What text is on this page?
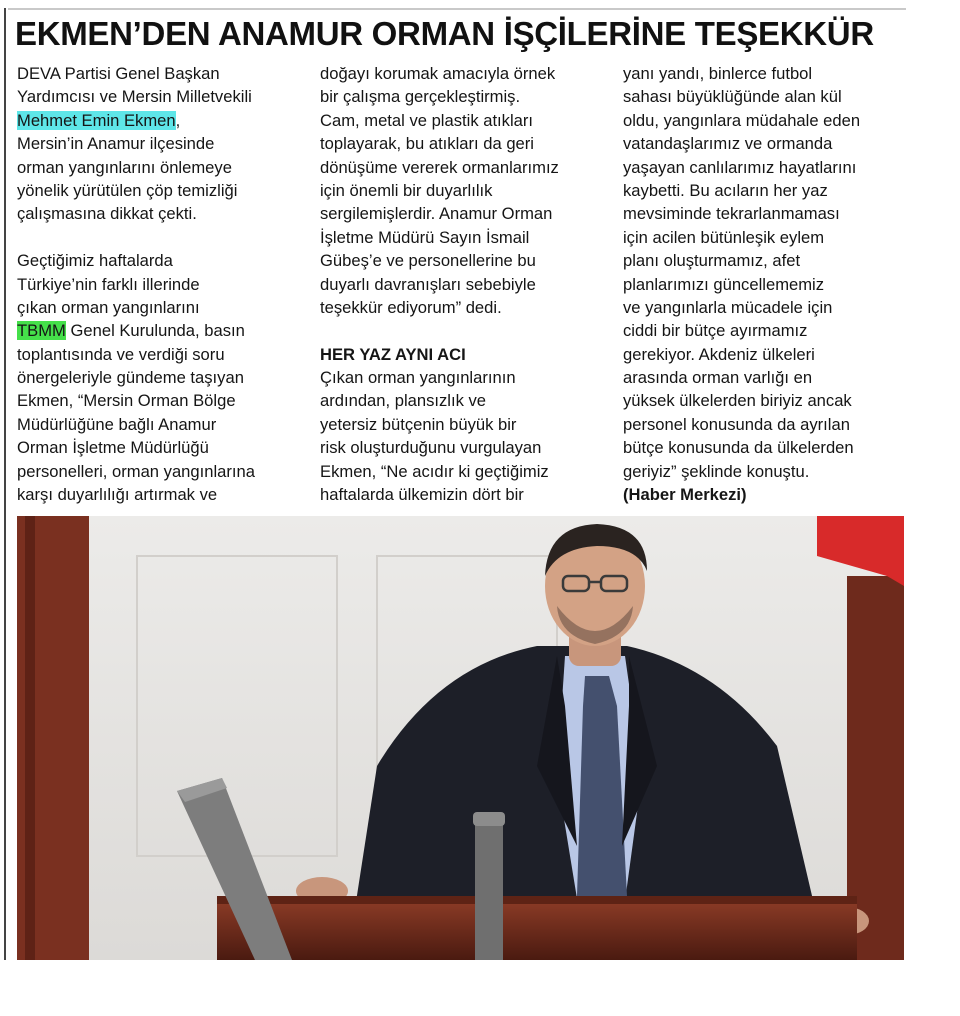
EKMEN’DEN ANAMUR ORMAN İŞÇİLERİNE TEŞEKKÜR
DEVA Partisi Genel Başkan
Yardımcısı ve Mersin Milletvekili
Mehmet Emin Ekmen,
Mersin’in Anamur ilçesinde
orman yangınlarını önlemeye
yönelik yürütülen çöp temizliği
çalışmasına dikkat çekti.
Geçtiğimiz haftalarda
Türkiye’nin farklı illerinde
çıkan orman yangınlarını
TBMM Genel Kurulunda, basın
toplantısında ve verdiği soru
önergeleriyle gündeme taşıyan
Ekmen, “Mersin Orman Bölge
Müdürlüğüne bağlı Anamur
Orman İşletme Müdürlüğü
personelleri, orman yangınlarına
karşı duyarlılığı artırmak ve
doğayı korumak amacıyla örnek
bir çalışma gerçekleştirmiş.
Cam, metal ve plastik atıkları
toplayarak, bu atıkları da geri
dönüşüme vererek ormanlarımız
için önemli bir duyarlılık
sergilemişlerdir. Anamur Orman
İşletme Müdürü Sayın İsmail
Gübeş’e ve personellerine bu
duyarlı davranışları sebebiyle
teşekkür ediyorum” dedi.
HER YAZ AYNI ACI
Çıkan orman yangınlarının
ardından, plansızlık ve
yetersiz bütçenin büyük bir
risk oluşturduğunu vurgulayan
Ekmen, “Ne acıdır ki geçtiğimiz
haftalarda ülkemizin dört bir
yanı yandı, binlerce futbol
sahası büyüklüğünde alan kül
oldu, yangınlara müdahale eden
vatandaşlarımız ve ormanda
yaşayan canlılarımız hayatlarını
kaybetti. Bu acıların her yaz
mevsiminde tekrarlanmaması
için acilen bütünleşik eylem
planı oluşturmamız, afet
planlarımızı güncellememiz
ve yangınlarla mücadele için
ciddi bir bütçe ayırmamız
gerekiyor. Akdeniz ülkeleri
arasında orman varlığı en
yüksek ülkelerden biriyiz ancak
personel konusunda da ayrılan
bütçe konusunda da ülkelerden
geriyiz” şeklinde konuştu.
(Haber Merkezi)
